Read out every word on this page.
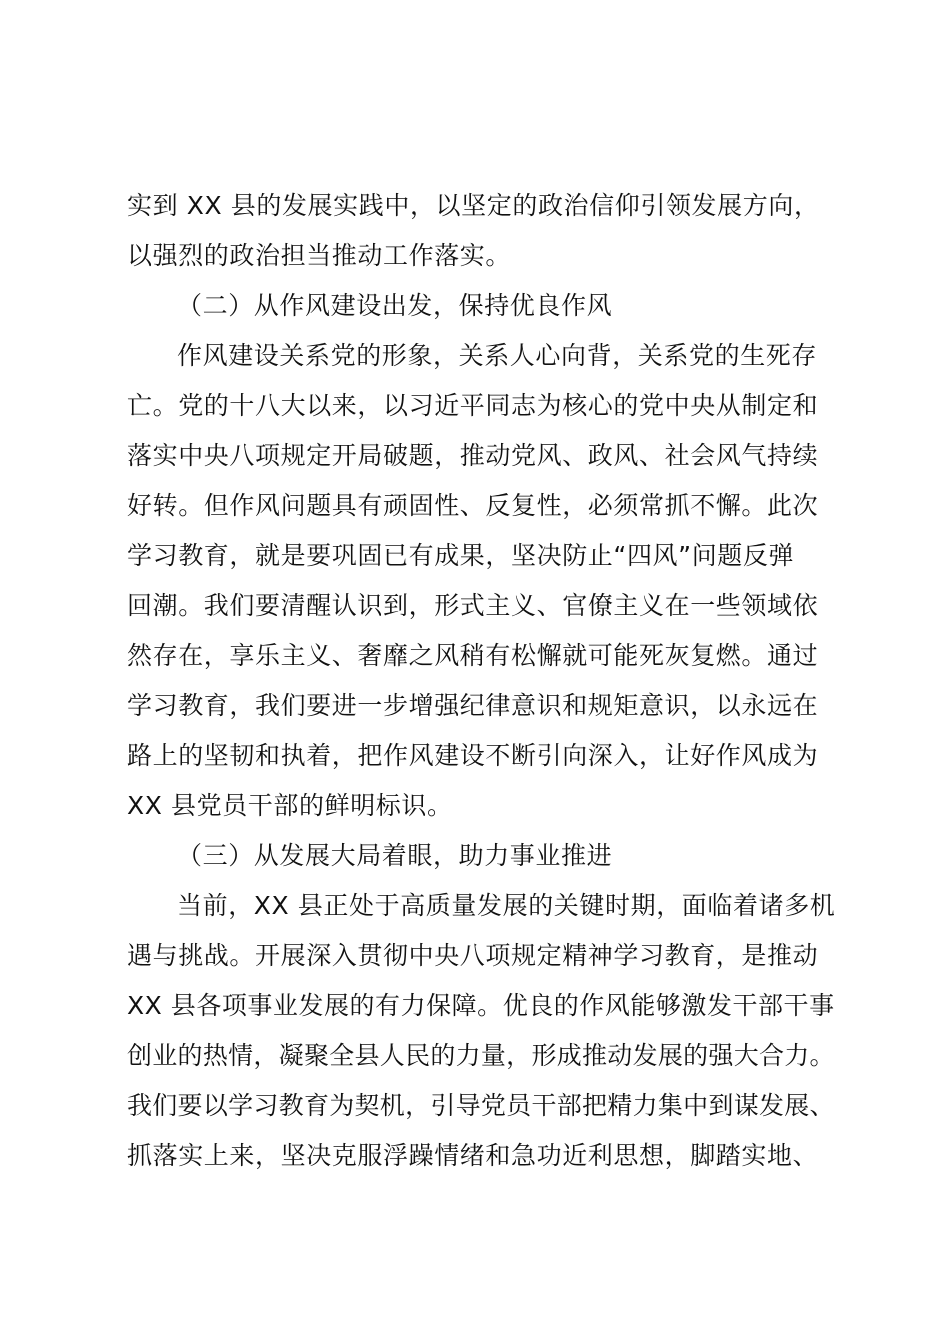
实到 XX 县的发展实践中，以坚定的政治信仰引领发展方向，
以强烈的政治担当推动工作落实。
（二）从作风建设出发，保持优良作风
作风建设关系党的形象，关系人心向背，关系党的生死存
亡。党的十八大以来，以习近平同志为核心的党中央从制定和
落实中央八项规定开局破题，推动党风、政风、社会风气持续
好转。但作风问题具有顽固性、反复性，必须常抓不懈。此次
学习教育，就是要巩固已有成果，坚决防止“四风”问题反弹
回潮。我们要清醒认识到，形式主义、官僚主义在一些领域依
然存在，享乐主义、奢靡之风稍有松懈就可能死灰复燃。通过
学习教育，我们要进一步增强纪律意识和规矩意识，以永远在
路上的坚韧和执着，把作风建设不断引向深入，让好作风成为
XX 县党员干部的鲜明标识。
（三）从发展大局着眼，助力事业推进
当前，XX 县正处于高质量发展的关键时期，面临着诸多机
遇与挑战。开展深入贯彻中央八项规定精神学习教育，是推动
XX 县各项事业发展的有力保障。优良的作风能够激发干部干事
创业的热情，凝聚全县人民的力量，形成推动发展的强大合力。
我们要以学习教育为契机，引导党员干部把精力集中到谋发展、
抓落实上来，坚决克服浮躁情绪和急功近利思想，脚踏实地、
